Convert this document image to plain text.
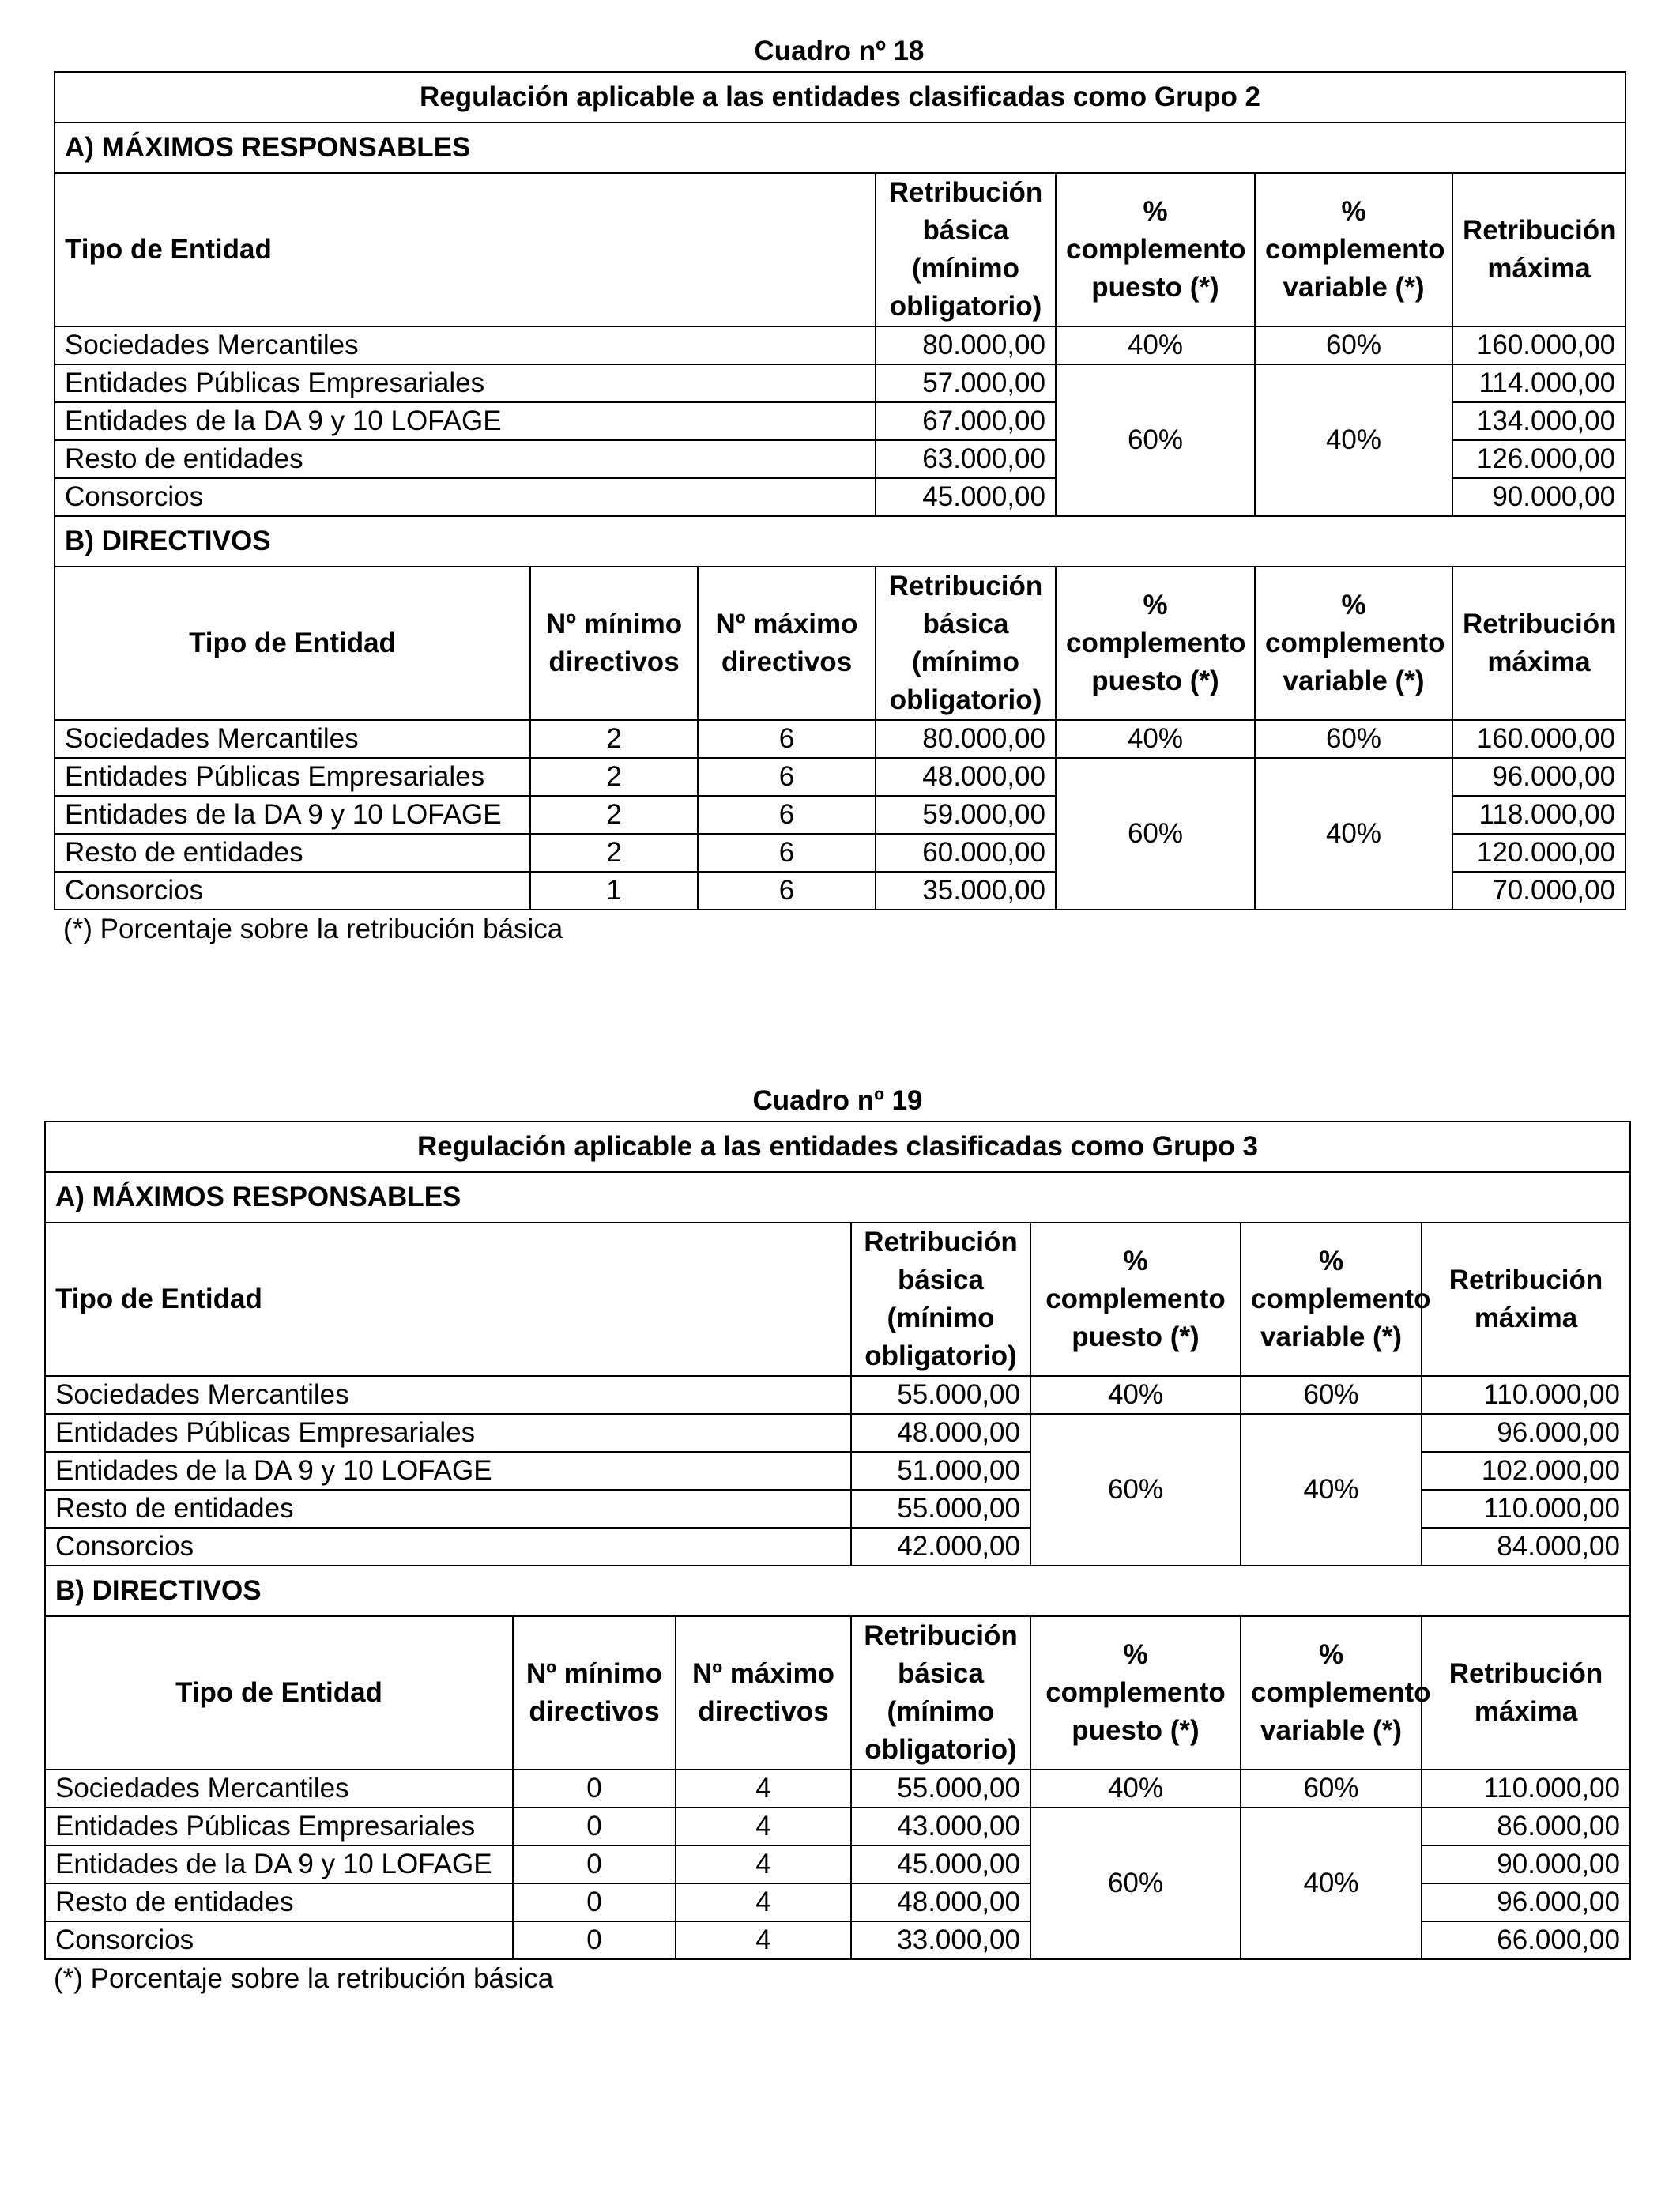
Cuadro nº 18
Regulación aplicable a las entidades clasificadas como Grupo 2						
A) MÁXIMOS RESPONSABLES						
Tipo de Entidad			Retribución básica (mínimo obligatorio)	% complemento puesto (*)	% complemento variable (*)	Retribución máxima
Sociedades Mercantiles			80.000,00	40%	60%	160.000,00
Entidades Públicas Empresariales			57.000,00	60%	40%	114.000,00
Entidades de la DA 9 y 10 LOFAGE			67.000,00			134.000,00
Resto de entidades			63.000,00			126.000,00
Consorcios			45.000,00			90.000,00
B) DIRECTIVOS						
Tipo de Entidad	Nº mínimo directivos	Nº máximo directivos	Retribución básica (mínimo obligatorio)	% complemento puesto (*)	% complemento variable (*)	Retribución máxima
Sociedades Mercantiles	2	6	80.000,00	40%	60%	160.000,00
Entidades Públicas Empresariales	2	6	48.000,00	60%	40%	96.000,00
Entidades de la DA 9 y 10 LOFAGE	2	6	59.000,00			118.000,00
Resto de entidades	2	6	60.000,00			120.000,00
Consorcios	1	6	35.000,00			70.000,00
(*) Porcentaje sobre la retribución básica
Cuadro nº 19
Regulación aplicable a las entidades clasificadas como Grupo 3						
A) MÁXIMOS RESPONSABLES						
Tipo de Entidad			Retribución básica (mínimo obligatorio)	% complemento puesto (*)	% complemento variable (*)	Retribución máxima
Sociedades Mercantiles			55.000,00	40%	60%	110.000,00
Entidades Públicas Empresariales			48.000,00	60%	40%	96.000,00
Entidades de la DA 9 y 10 LOFAGE			51.000,00			102.000,00
Resto de entidades			55.000,00			110.000,00
Consorcios			42.000,00			84.000,00
B) DIRECTIVOS						
Tipo de Entidad	Nº mínimo directivos	Nº máximo directivos	Retribución básica (mínimo obligatorio)	% complemento puesto (*)	% complemento variable (*)	Retribución máxima
Sociedades Mercantiles	0	4	55.000,00	40%	60%	110.000,00
Entidades Públicas Empresariales	0	4	43.000,00	60%	40%	86.000,00
Entidades de la DA 9 y 10 LOFAGE	0	4	45.000,00			90.000,00
Resto de entidades	0	4	48.000,00			96.000,00
Consorcios	0	4	33.000,00			66.000,00
(*) Porcentaje sobre la retribución básica
